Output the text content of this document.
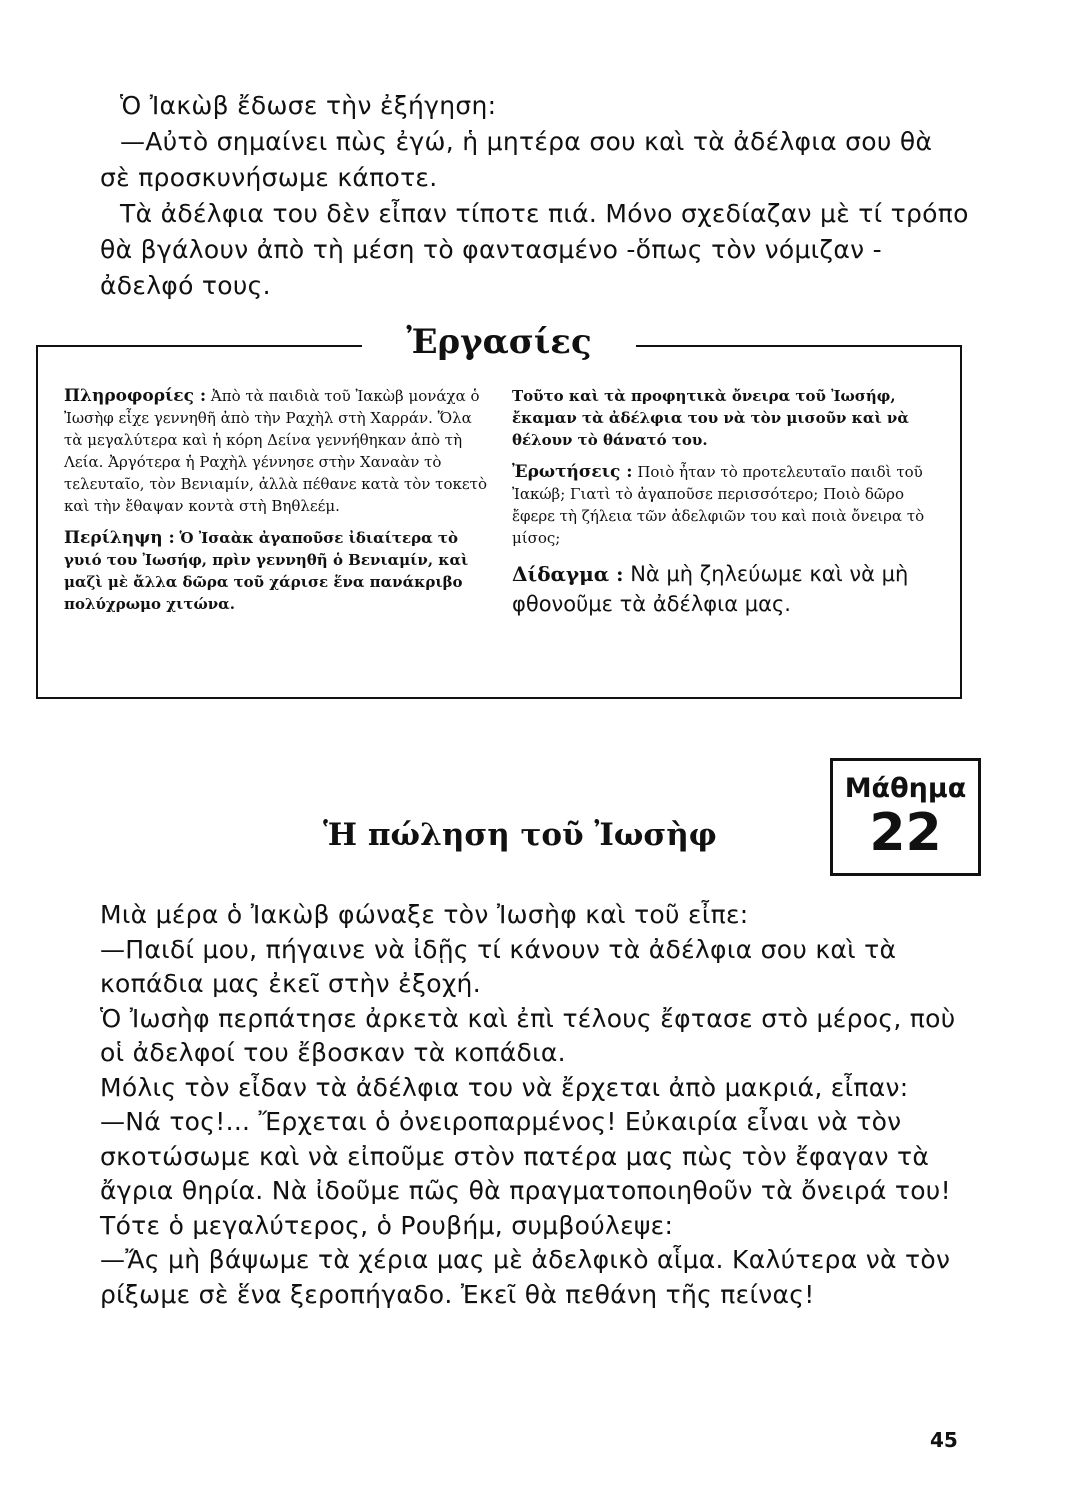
Ὁ Ἰακὼβ ἔδωσε τὴν ἐξήγηση:

—Αὐτὸ σημαίνει πὼς ἐγώ, ἡ μητέρα σου καὶ τὰ ἀδέλφια σου θὰ σὲ προσκυνήσωμε κάποτε.

Τὰ ἀδέλφια του δὲν εἶπαν τίποτε πιά. Μόνο σχεδίαζαν μὲ τί τρόπο θὰ βγάλουν ἀπὸ τὴ μέση τὸ φαντασμένο -ὅπως τὸν νόμιζαν - ἀδελφό τους.

Ἐργασίες

Πληροφορίες : Ἀπὸ τὰ παιδιὰ τοῦ Ἰακὼβ μονάχα ὁ Ἰωσὴφ εἶχε γεννηθῆ ἀπὸ τὴν Ραχὴλ στὴ Χαρράν. Ὅλα τὰ μεγαλύτερα καὶ ἡ κόρη Δείνα γεννήθηκαν ἀπὸ τὴ Λεία. Ἀργότερα ἡ Ραχὴλ γέννησε στὴν Χαναὰν τὸ τελευταῖο, τὸν Βενιαμίν, ἀλλὰ πέθανε κατὰ τὸν τοκετὸ καὶ τὴν ἔθαψαν κοντὰ στὴ Βηθλεέμ.

Περίληψη : Ὁ Ἰσαὰκ ἀγαποῦσε ἰδιαίτερα τὸ γυιό του Ἰωσήφ, πρὶν γεννηθῆ ὁ Βενιαμίν, καὶ μαζὶ μὲ ἄλλα δῶρα τοῦ χάρισε ἕνα πανάκριβο πολύχρωμο χιτώνα.

Τοῦτο καὶ τὰ προφητικὰ ὄνειρα τοῦ Ἰωσήφ, ἔκαμαν τὰ ἀδέλφια του νὰ τὸν μισοῦν καὶ νὰ θέλουν τὸ θάνατό του.

Ἐρωτήσεις : Ποιὸ ἦταν τὸ προτελευταῖο παιδὶ τοῦ Ἰακώβ; Γιατὶ τὸ ἀγαποῦσε περισσότερο; Ποιὸ δῶρο ἔφερε τὴ ζήλεια τῶν ἀδελφιῶν του καὶ ποιὰ ὄνειρα τὸ μίσος;

Δίδαγμα : Νὰ μὴ ζηλεύωμε καὶ νὰ μὴ φθονοῦμε τὰ ἀδέλφια μας.

Μάθημα
22
Ἡ πώληση τοῦ Ἰωσὴφ

Μιὰ μέρα ὁ Ἰακὼβ φώναξε τὸν Ἰωσὴφ καὶ τοῦ εἶπε:

—Παιδί μου, πήγαινε νὰ ἰδῇς τί κάνουν τὰ ἀδέλφια σου καὶ τὰ κοπάδια μας ἐκεῖ στὴν ἐξοχή.

Ὁ Ἰωσὴφ περπάτησε ἀρκετὰ καὶ ἐπὶ τέλους ἔφτασε στὸ μέρος, ποὺ οἱ ἀδελφοί του ἔβοσκαν τὰ κοπάδια.

Μόλις τὸν εἶδαν τὰ ἀδέλφια του νὰ ἔρχεται ἀπὸ μακριά, εἶπαν:

—Νά τος!... Ἔρχεται ὁ ὀνειροπαρμένος! Εὐκαιρία εἶναι νὰ τὸν σκοτώσωμε καὶ νὰ εἰποῦμε στὸν πατέρα μας πὼς τὸν ἔφαγαν τὰ ἄγρια θηρία. Νὰ ἰδοῦμε πῶς θὰ πραγματοποιηθοῦν τὰ ὄνειρά του!

Τότε ὁ μεγαλύτερος, ὁ Ρουβήμ, συμβούλεψε:

—Ἄς μὴ βάψωμε τὰ χέρια μας μὲ ἀδελφικὸ αἷμα. Καλύτερα νὰ τὸν ρίξωμε σὲ ἕνα ξεροπήγαδο. Ἐκεῖ θὰ πεθάνη τῆς πείνας!

45
